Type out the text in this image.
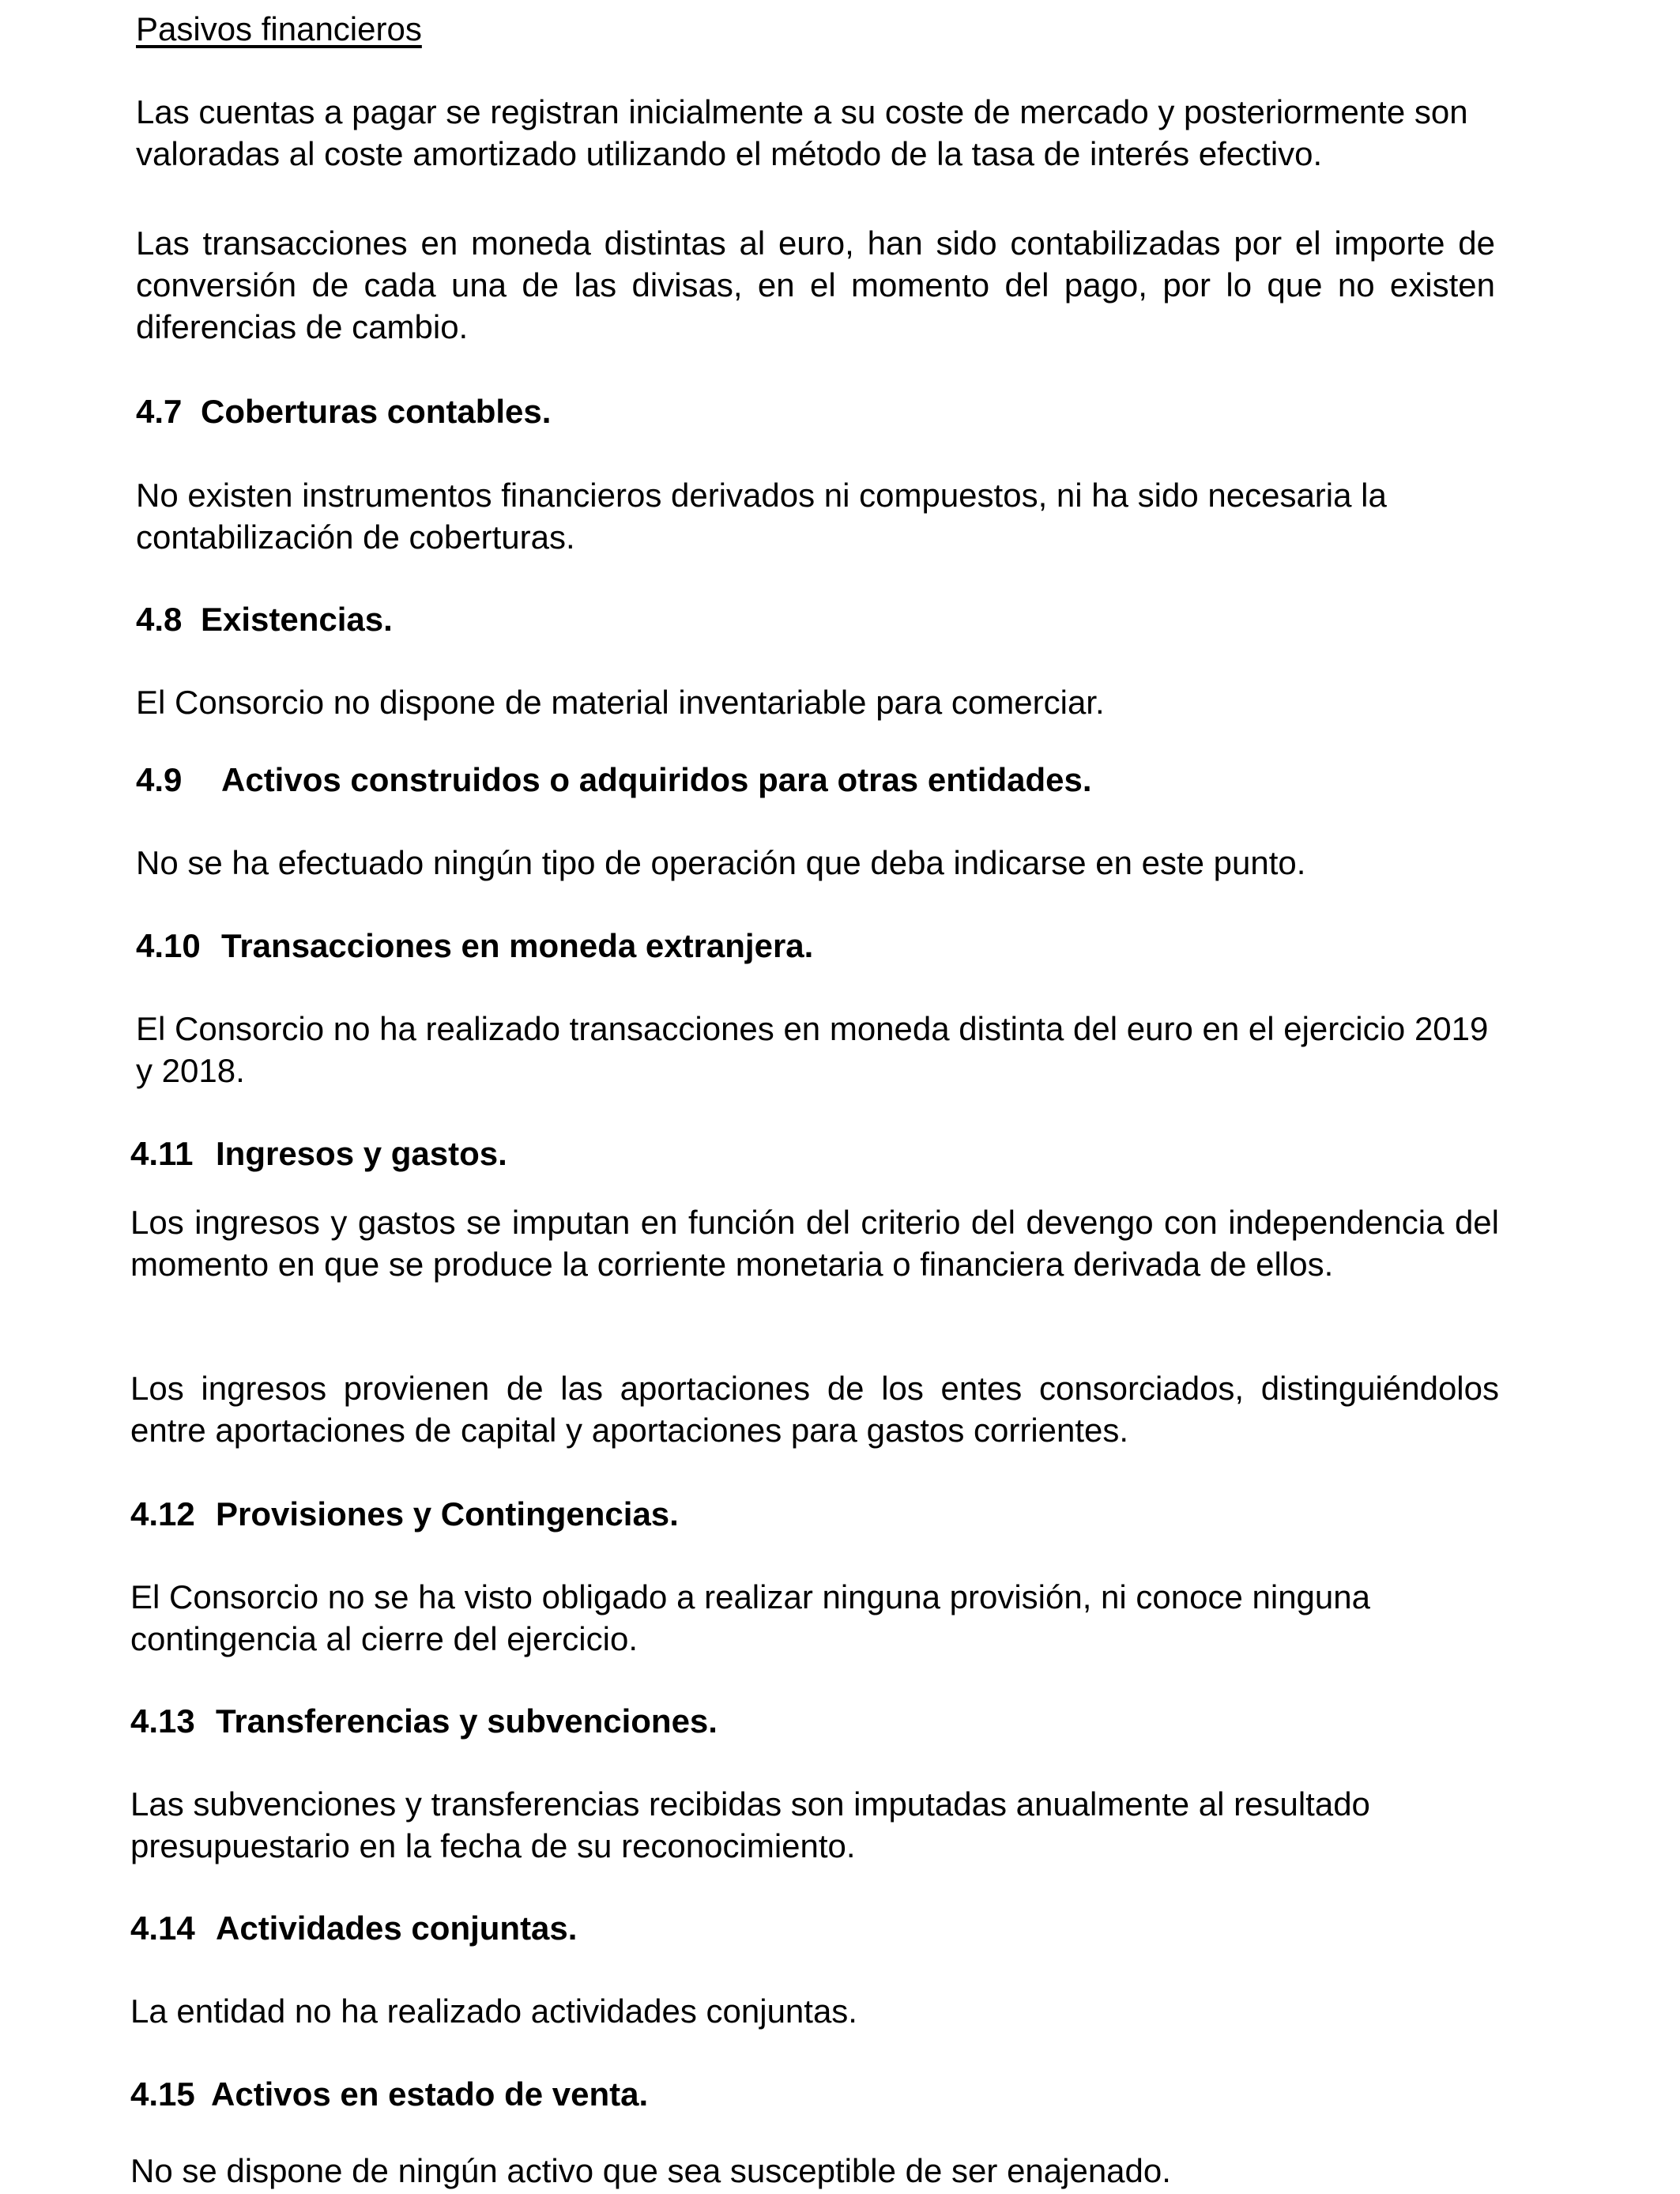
Pasivos financieros

Las cuentas a pagar se registran inicialmente a su coste de mercado y posteriormente son valoradas al coste amortizado utilizando el método de la tasa de interés efectivo.

Las transacciones en moneda distintas al euro, han sido contabilizadas por el importe de conversión de cada una de las divisas, en el momento del pago, por lo que no existen diferencias de cambio.

4.7 Coberturas contables.

No existen instrumentos financieros derivados ni compuestos, ni ha sido necesaria la contabilización de coberturas.

4.8 Existencias.

El Consorcio no dispone de material inventariable para comerciar.

4.9 Activos construidos o adquiridos para otras entidades.

No se ha efectuado ningún tipo de operación que deba indicarse en este punto.

4.10 Transacciones en moneda extranjera.

El Consorcio no ha realizado transacciones en moneda distinta del euro en el ejercicio 2019 y 2018.

4.11 Ingresos y gastos.

Los ingresos y gastos se imputan en función del criterio del devengo con independencia del momento en que se produce la corriente monetaria o financiera derivada de ellos.

Los ingresos provienen de las aportaciones de los entes consorciados, distinguiéndolos entre aportaciones de capital y aportaciones para gastos corrientes.

4.12 Provisiones y Contingencias.

El Consorcio no se ha visto obligado a realizar ninguna provisión, ni conoce ninguna contingencia al cierre del ejercicio.

4.13 Transferencias y subvenciones.

Las subvenciones y transferencias recibidas son imputadas anualmente al resultado presupuestario en la fecha de su reconocimiento.

4.14 Actividades conjuntas.

La entidad no ha realizado actividades conjuntas.

4.15 Activos en estado de venta.

No se dispone de ningún activo que sea susceptible de ser enajenado.
